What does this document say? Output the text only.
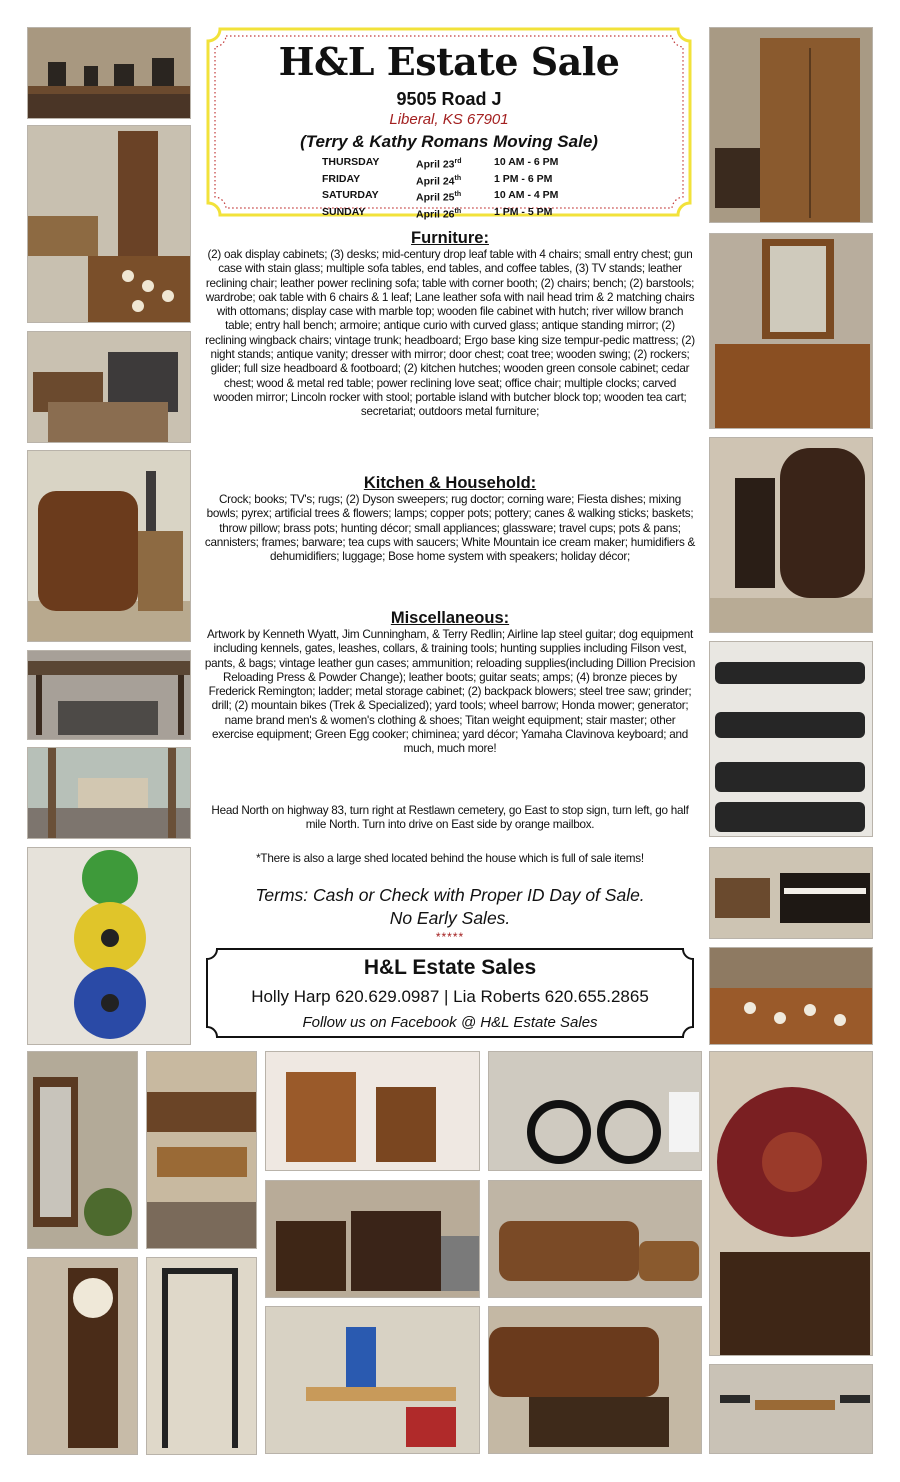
H&L Estate Sale
9505 Road J
Liberal, KS 67901
(Terry & Kathy Romans Moving Sale)
THURSDAY	April 23rd	10 AM - 6 PM
FRIDAY	April 24th	1 PM - 6 PM
SATURDAY	April 25th	10 AM - 4 PM
SUNDAY	April 26th	1 PM - 5 PM
Furniture:
(2) oak display cabinets; (3) desks; mid-century drop leaf table with 4 chairs; small entry chest; gun case with stain glass; multiple sofa tables, end tables, and coffee tables, (3) TV stands; leather reclining chair; leather power reclining sofa; table with corner booth; (2) chairs; bench; (2) barstools; wardrobe; oak table with 6 chairs & 1 leaf; Lane leather sofa with nail head trim & 2 matching chairs with ottomans; display case with marble top; wooden file cabinet with hutch; river willow branch table; entry hall bench; armoire; antique curio with curved glass; antique standing mirror; (2) reclining wingback chairs; vintage trunk; headboard; Ergo base king size tempur-pedic mattress; (2) night stands; antique vanity; dresser with mirror; door chest; coat tree; wooden swing; (2) rockers; glider; full size headboard & footboard; (2) kitchen hutches; wooden green console cabinet; cedar chest; wood & metal red table; power reclining love seat; office chair; multiple clocks; carved wooden mirror; Lincoln rocker with stool; portable island with butcher block top; wooden tea cart; secretariat; outdoors metal furniture;
Kitchen & Household:
Crock; books; TV's; rugs; (2) Dyson sweepers; rug doctor; corning ware; Fiesta dishes; mixing bowls; pyrex; artificial trees & flowers; lamps; copper pots; pottery; canes & walking sticks; baskets; throw pillow; brass pots; hunting décor; small appliances; glassware; travel cups; pots & pans; cannisters; frames; barware; tea cups with saucers; White Mountain ice cream maker; humidifiers & dehumidifiers; luggage; Bose home system with speakers; holiday décor;
Miscellaneous:
Artwork by Kenneth Wyatt, Jim Cunningham, & Terry Redlin; Airline lap steel guitar; dog equipment including kennels, gates, leashes, collars, & training tools; hunting supplies including Filson vest, pants, & bags; vintage leather gun cases; ammunition; reloading supplies(including Dillion Precision Reloading Press & Powder Change); leather boots; guitar seats; amps; (4) bronze pieces by Frederick Remington; ladder; metal storage cabinet; (2) backpack blowers; steel tree saw; grinder; drill; (2) mountain bikes (Trek & Specialized); yard tools; wheel barrow; Honda mower; generator; name brand men's & women's clothing & shoes; Titan weight equipment; stair master; other exercise equipment; Green Egg cooker; chiminea; yard décor; Yamaha Clavinova keyboard; and much, much more!
Head North on highway 83, turn right at Restlawn cemetery, go East to stop sign, turn left, go half mile North. Turn into drive on East side by orange mailbox.
*There is also a large shed located behind the house which is full of sale items!
Terms: Cash or Check with Proper ID Day of Sale.
No Early Sales.
*****
H&L Estate Sales
Holly Harp 620.629.0987 | Lia Roberts 620.655.2865
Follow us on Facebook @ H&L Estate Sales
